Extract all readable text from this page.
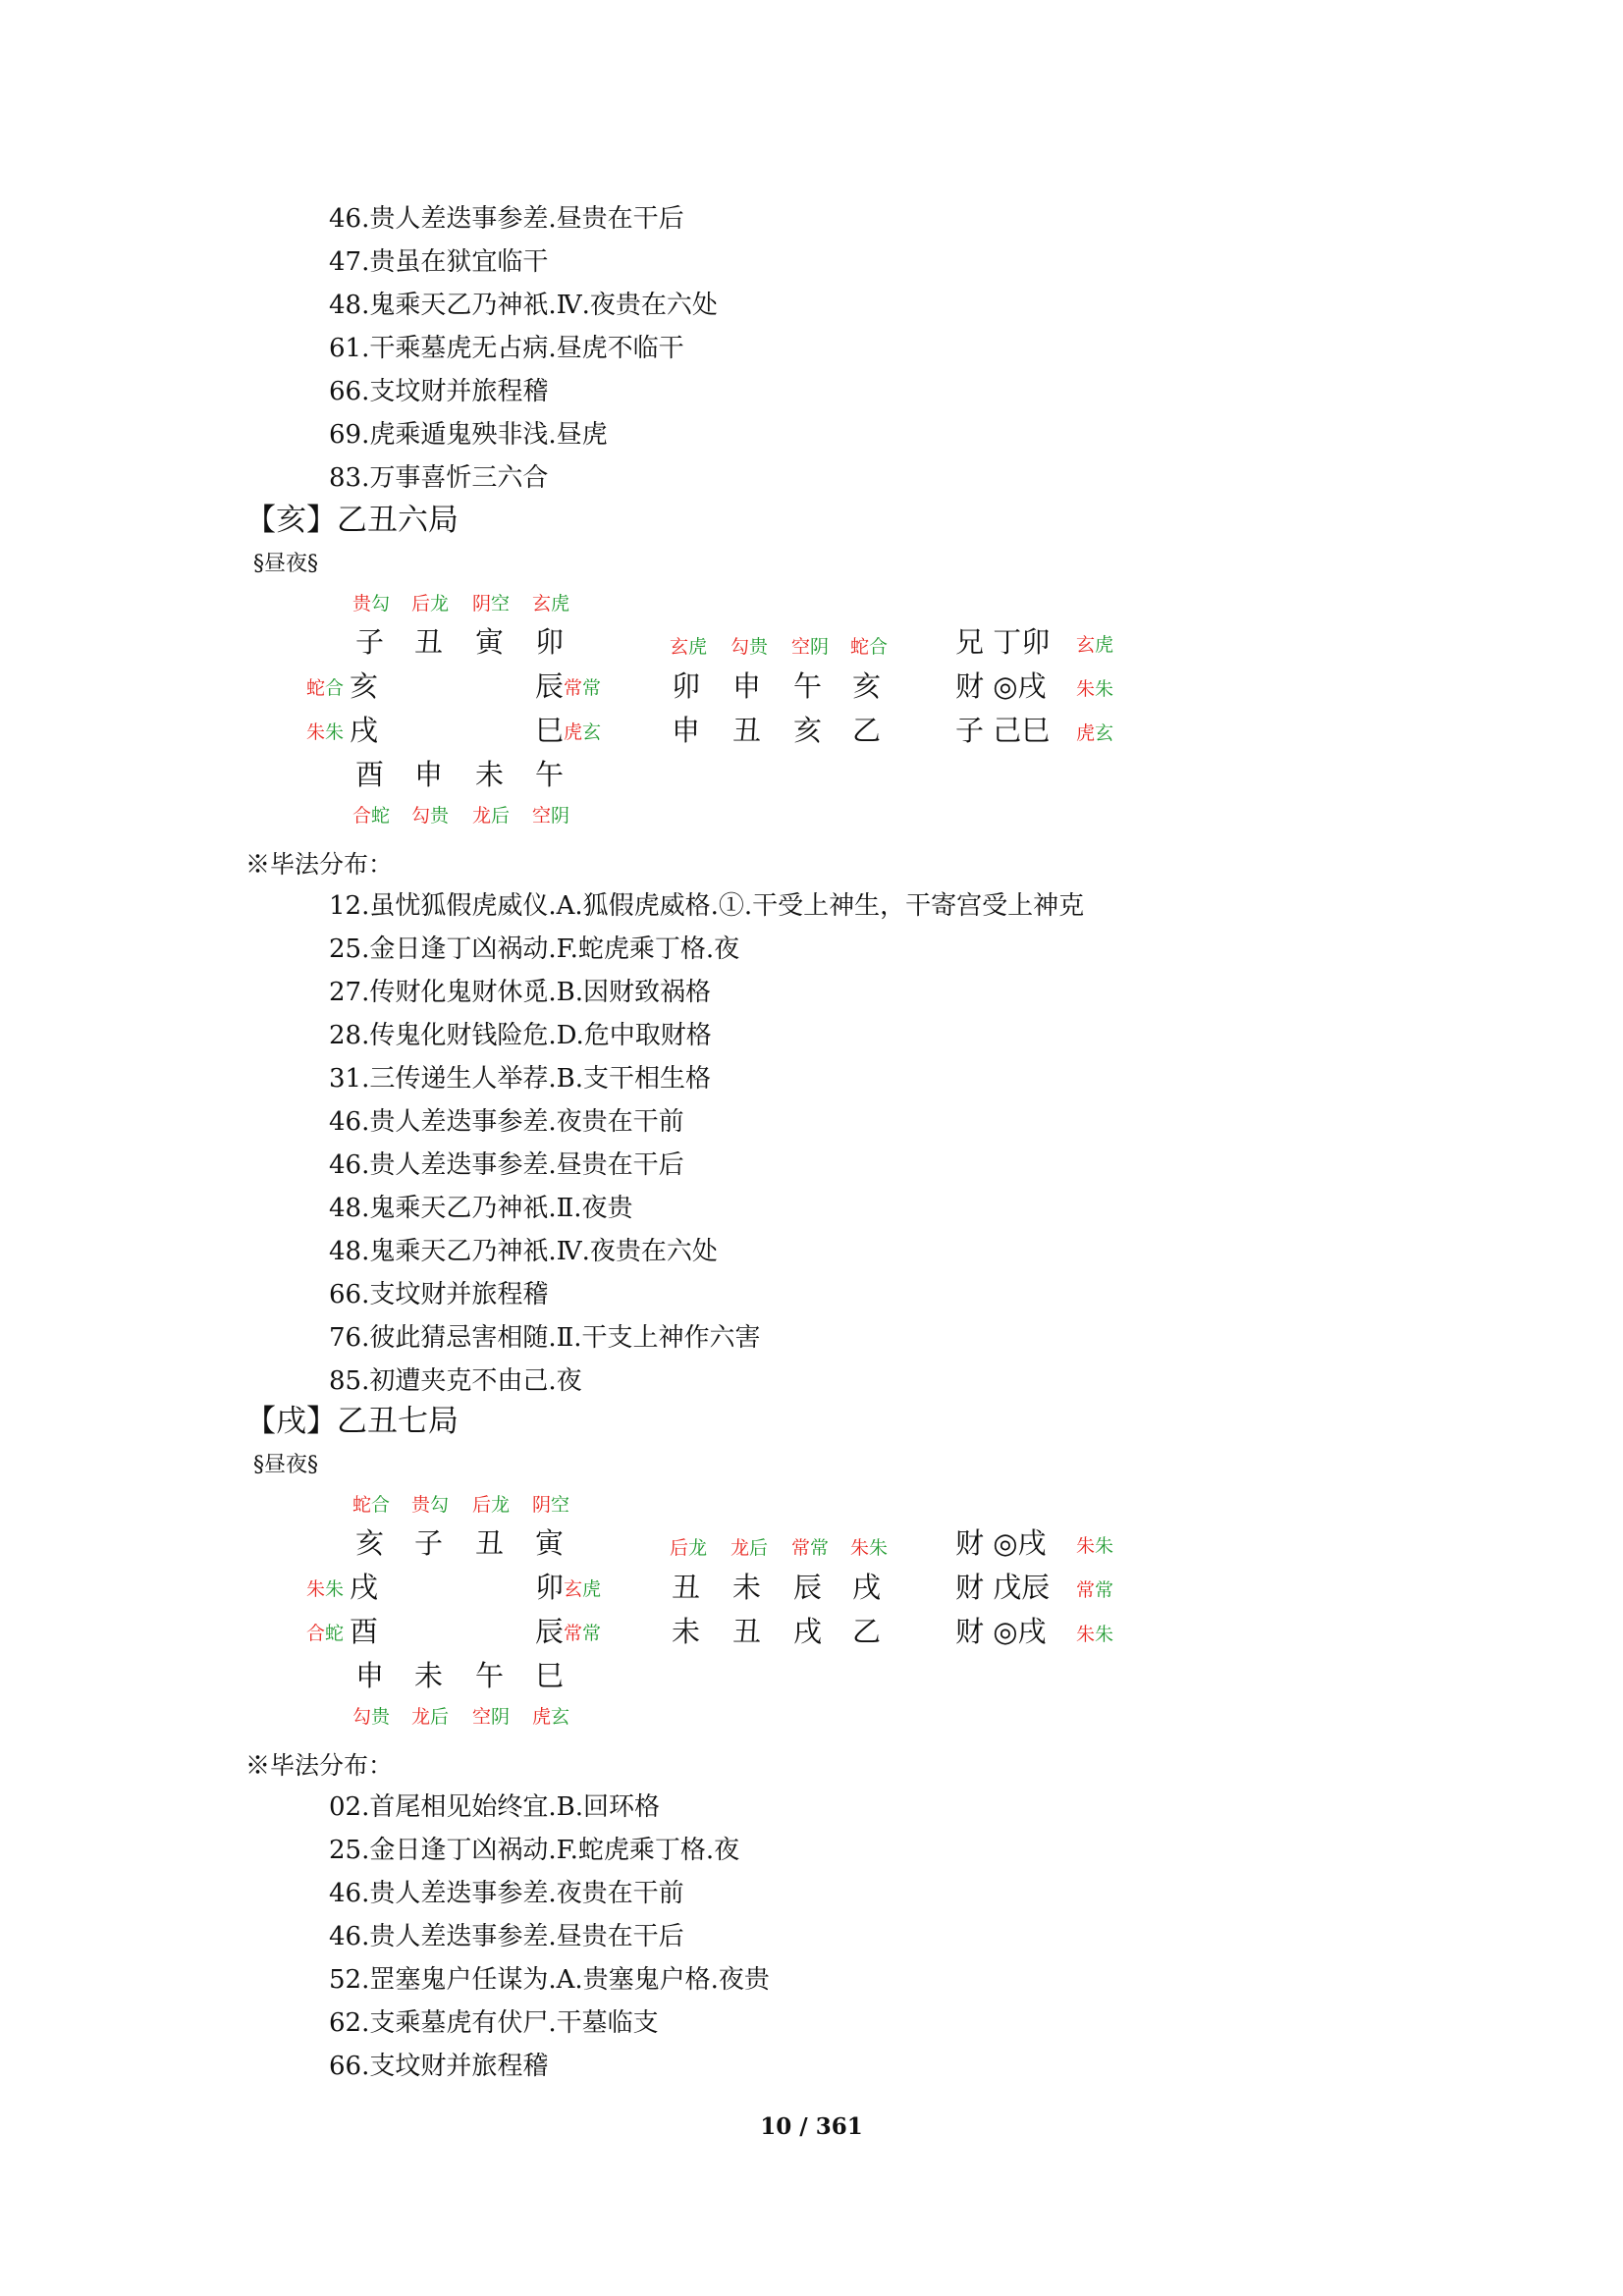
46.贵人差迭事参差.昼贵在干后
47.贵虽在狱宜临干
48.鬼乘天乙乃神祇.Ⅳ.夜贵在六处
61.干乘墓虎无占病.昼虎不临干
66.支坟财并旅程稽
69.虎乘遁鬼殃非浅.昼虎
83.万事喜忻三六合
【亥】乙丑六局
§昼夜§
贵勾 后龙 阴空 玄虎
子 丑 寅 卯
蛇合 亥	辰 常常
朱朱 戌	巳 虎玄
酉 申 未 午
合蛇 勾贵 龙后 空阴
玄虎 勾贵 空阴 蛇合
卯 申 午 亥
申 丑 亥 乙
兄 丁卯 玄虎
财 ◎戌 朱朱
子 己巳 虎玄
※毕法分布：
12.虽忧狐假虎威仪.A.狐假虎威格.①.干受上神生，干寄宫受上神克
25.金日逢丁凶祸动.F.蛇虎乘丁格.夜
27.传财化鬼财休觅.B.因财致祸格
28.传鬼化财钱险危.D.危中取财格
31.三传递生人举荐.B.支干相生格
46.贵人差迭事参差.夜贵在干前
46.贵人差迭事参差.昼贵在干后
48.鬼乘天乙乃神祇.Ⅱ.夜贵
48.鬼乘天乙乃神祇.Ⅳ.夜贵在六处
66.支坟财并旅程稽
76.彼此猜忌害相随.Ⅱ.干支上神作六害
85.初遭夹克不由己.夜
【戌】乙丑七局
§昼夜§
蛇合 贵勾 后龙 阴空
亥 子 丑 寅
朱朱 戌	卯 玄虎
合蛇 酉	辰 常常
申 未 午 巳
勾贵 龙后 空阴 虎玄
后龙 龙后 常常 朱朱
丑 未 辰 戌
未 丑 戌 乙
财 ◎戌 朱朱
财 戊辰 常常
财 ◎戌 朱朱
※毕法分布：
02.首尾相见始终宜.B.回环格
25.金日逢丁凶祸动.F.蛇虎乘丁格.夜
46.贵人差迭事参差.夜贵在干前
46.贵人差迭事参差.昼贵在干后
52.罡塞鬼户任谋为.A.贵塞鬼户格.夜贵
62.支乘墓虎有伏尸.干墓临支
66.支坟财并旅程稽
10 / 361
